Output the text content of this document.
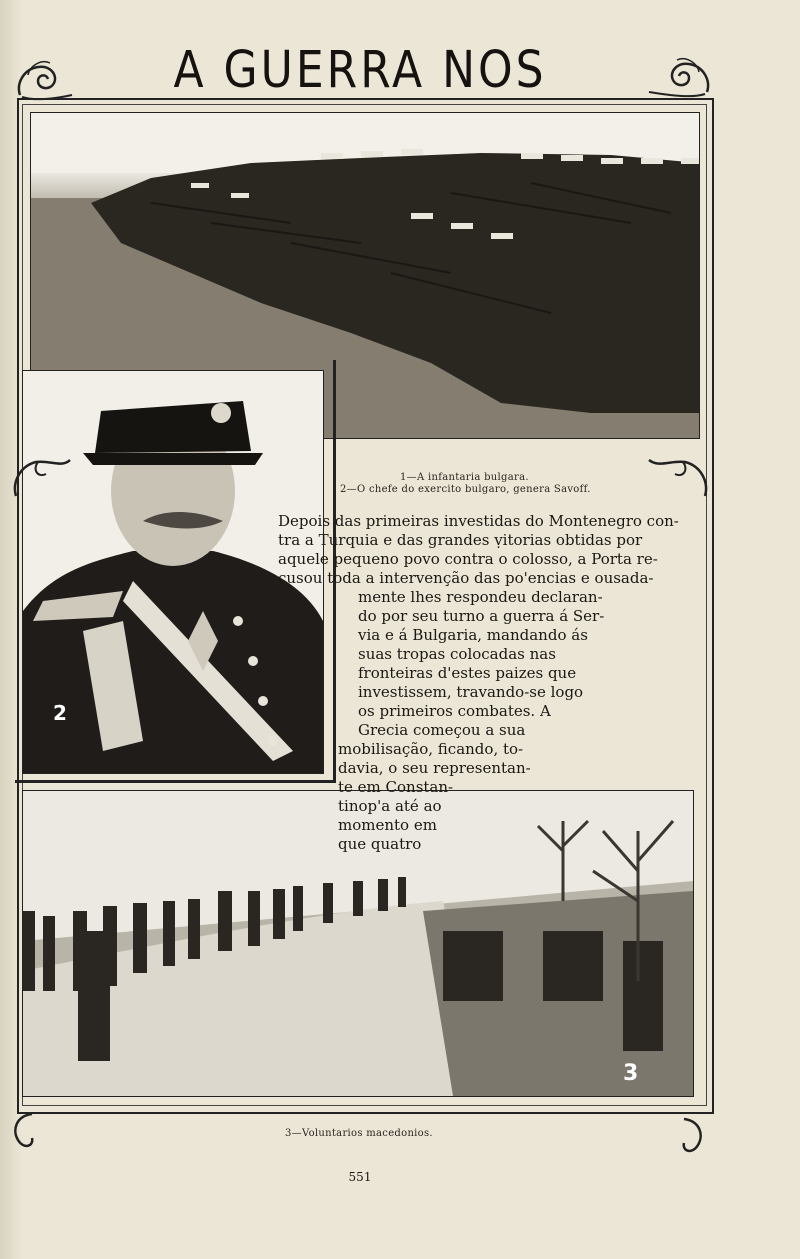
A GUERRA NOS
2
3
1—A infantaria bulgara.
2—O chefe do exercito bulgaro, genera Savoff.
Depois das primeiras investidas do Montenegro con-
tra a Turquia e das grandes ṿitorias obtidas por
aquele pequeno povo contra o colosso, a Porta re-
cusou toda a intervenção das po'encias e ousada-
mente lhes respondeu declaran-
do por seu turno a guerra á Ser-
via e á Bulgaria, mandando ás
suas tropas colocadas nas
fronteiras d'estes paizes que
investissem, travando-se logo
os primeiros combates. A
Grecia começou a sua
mobilisação, ficando, to-
davia, o seu representan-
te em Constan-
tinop'a até ao
momento em
que quatro
3—Voluntarios macedonios.
551
